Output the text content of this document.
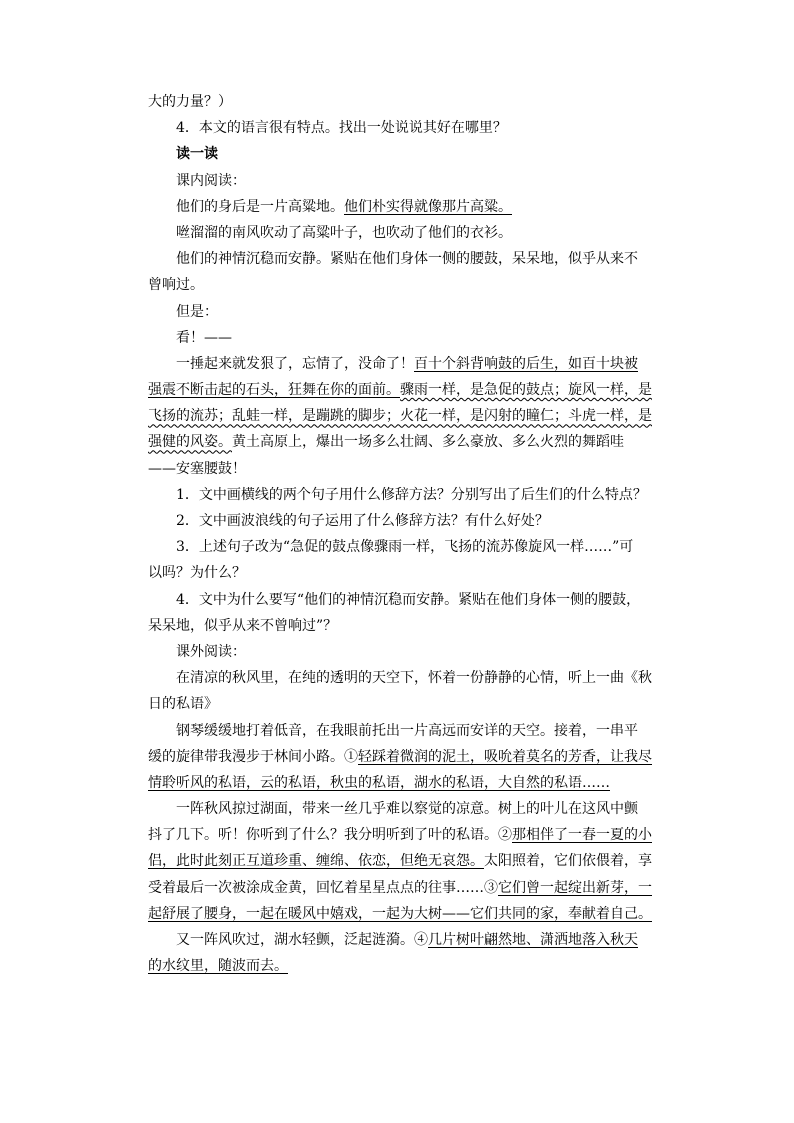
大的力量？）
4．本文的语言很有特点。找出一处说说其好在哪里？
读一读
课内阅读：
他们的身后是一片高粱地。他们朴实得就像那片高粱。
咝溜溜的南风吹动了高粱叶子，也吹动了他们的衣衫。
他们的神情沉稳而安静。紧贴在他们身体一侧的腰鼓，呆呆地，似乎从来不
曾响过。
但是：
看！——
一捶起来就发狠了，忘情了，没命了！百十个斜背响鼓的后生，如百十块被
强震不断击起的石头，狂舞在你的面前。骤雨一样，是急促的鼓点；旋风一样，是
飞扬的流苏；乱蛙一样，是蹦跳的脚步；火花一样，是闪射的瞳仁；斗虎一样，是
强健的风姿。黄土高原上，爆出一场多么壮阔、多么豪放、多么火烈的舞蹈哇
——安塞腰鼓！
1．文中画横线的两个句子用什么修辞方法？分别写出了后生们的什么特点？
2．文中画波浪线的句子运用了什么修辞方法？有什么好处？
3．上述句子改为“急促的鼓点像骤雨一样，飞扬的流苏像旋风一样……”可
以吗？为什么？
4．文中为什么要写“他们的神情沉稳而安静。紧贴在他们身体一侧的腰鼓，
呆呆地，似乎从来不曾响过”？
课外阅读：
在清凉的秋风里，在纯的透明的天空下，怀着一份静静的心情，听上一曲《秋
日的私语》
钢琴缓缓地打着低音，在我眼前托出一片高远而安详的天空。接着，一串平
缓的旋律带我漫步于林间小路。①轻踩着微润的泥土，吸吮着莫名的芳香，让我尽
情聆听风的私语，云的私语，秋虫的私语，湖水的私语，大自然的私语……
一阵秋风掠过湖面，带来一丝几乎难以察觉的凉意。树上的叶儿在这风中颤
抖了几下。听！你听到了什么？我分明听到了叶的私语。②那相伴了一春一夏的小
侣，此时此刻正互道珍重、缠绵、依恋，但绝无哀怨。太阳照着，它们依偎着，享
受着最后一次被涂成金黄，回忆着星星点点的往事……③它们曾一起绽出新芽，一
起舒展了腰身，一起在暖风中嬉戏，一起为大树——它们共同的家，奉献着自己。
又一阵风吹过，湖水轻颤，泛起涟漪。④几片树叶翩然地、潇洒地落入秋天
的水纹里，随波而去。
